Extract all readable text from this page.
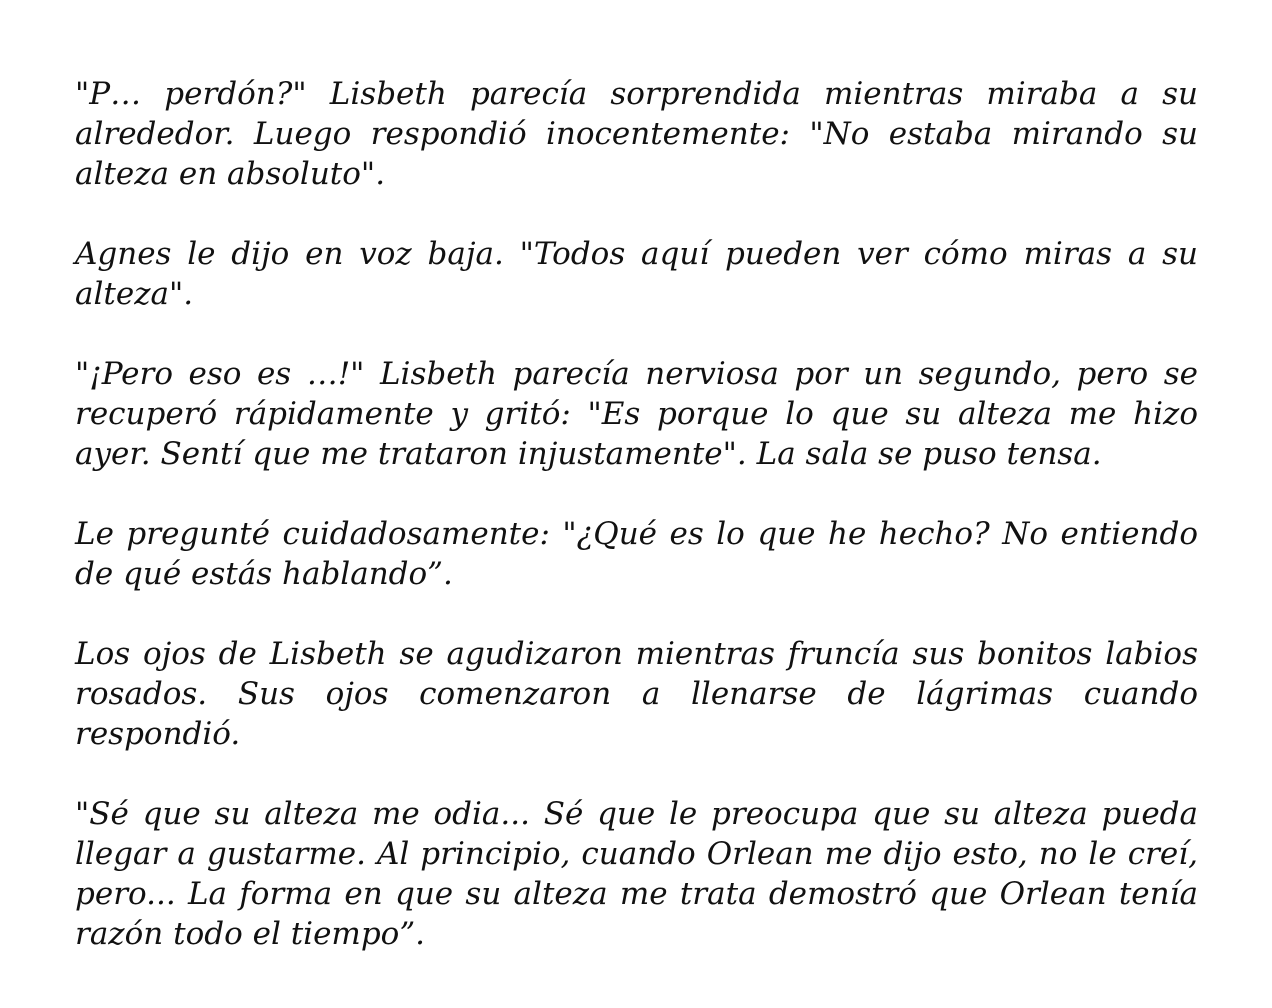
"P… perdón?" Lisbeth parecía sorprendida mientras miraba a su alrededor. Luego respondió inocentemente: "No estaba mirando su alteza en absoluto".

Agnes le dijo en voz baja. "Todos aquí pueden ver cómo miras a su alteza".

"¡Pero eso es …!" Lisbeth parecía nerviosa por un segundo, pero se recuperó rápidamente y gritó: "Es porque lo que su alteza me hizo ayer. Sentí que me trataron injustamente". La sala se puso tensa.

Le pregunté cuidadosamente: "¿Qué es lo que he hecho? No entiendo de qué estás hablando”.

Los ojos de Lisbeth se agudizaron mientras fruncía sus bonitos labios rosados. Sus ojos comenzaron a llenarse de lágrimas cuando respondió.

"Sé que su alteza me odia... Sé que le preocupa que su alteza pueda llegar a gustarme. Al principio, cuando Orlean me dijo esto, no le creí, pero... La forma en que su alteza me trata demostró que Orlean tenía razón todo el tiempo”.
